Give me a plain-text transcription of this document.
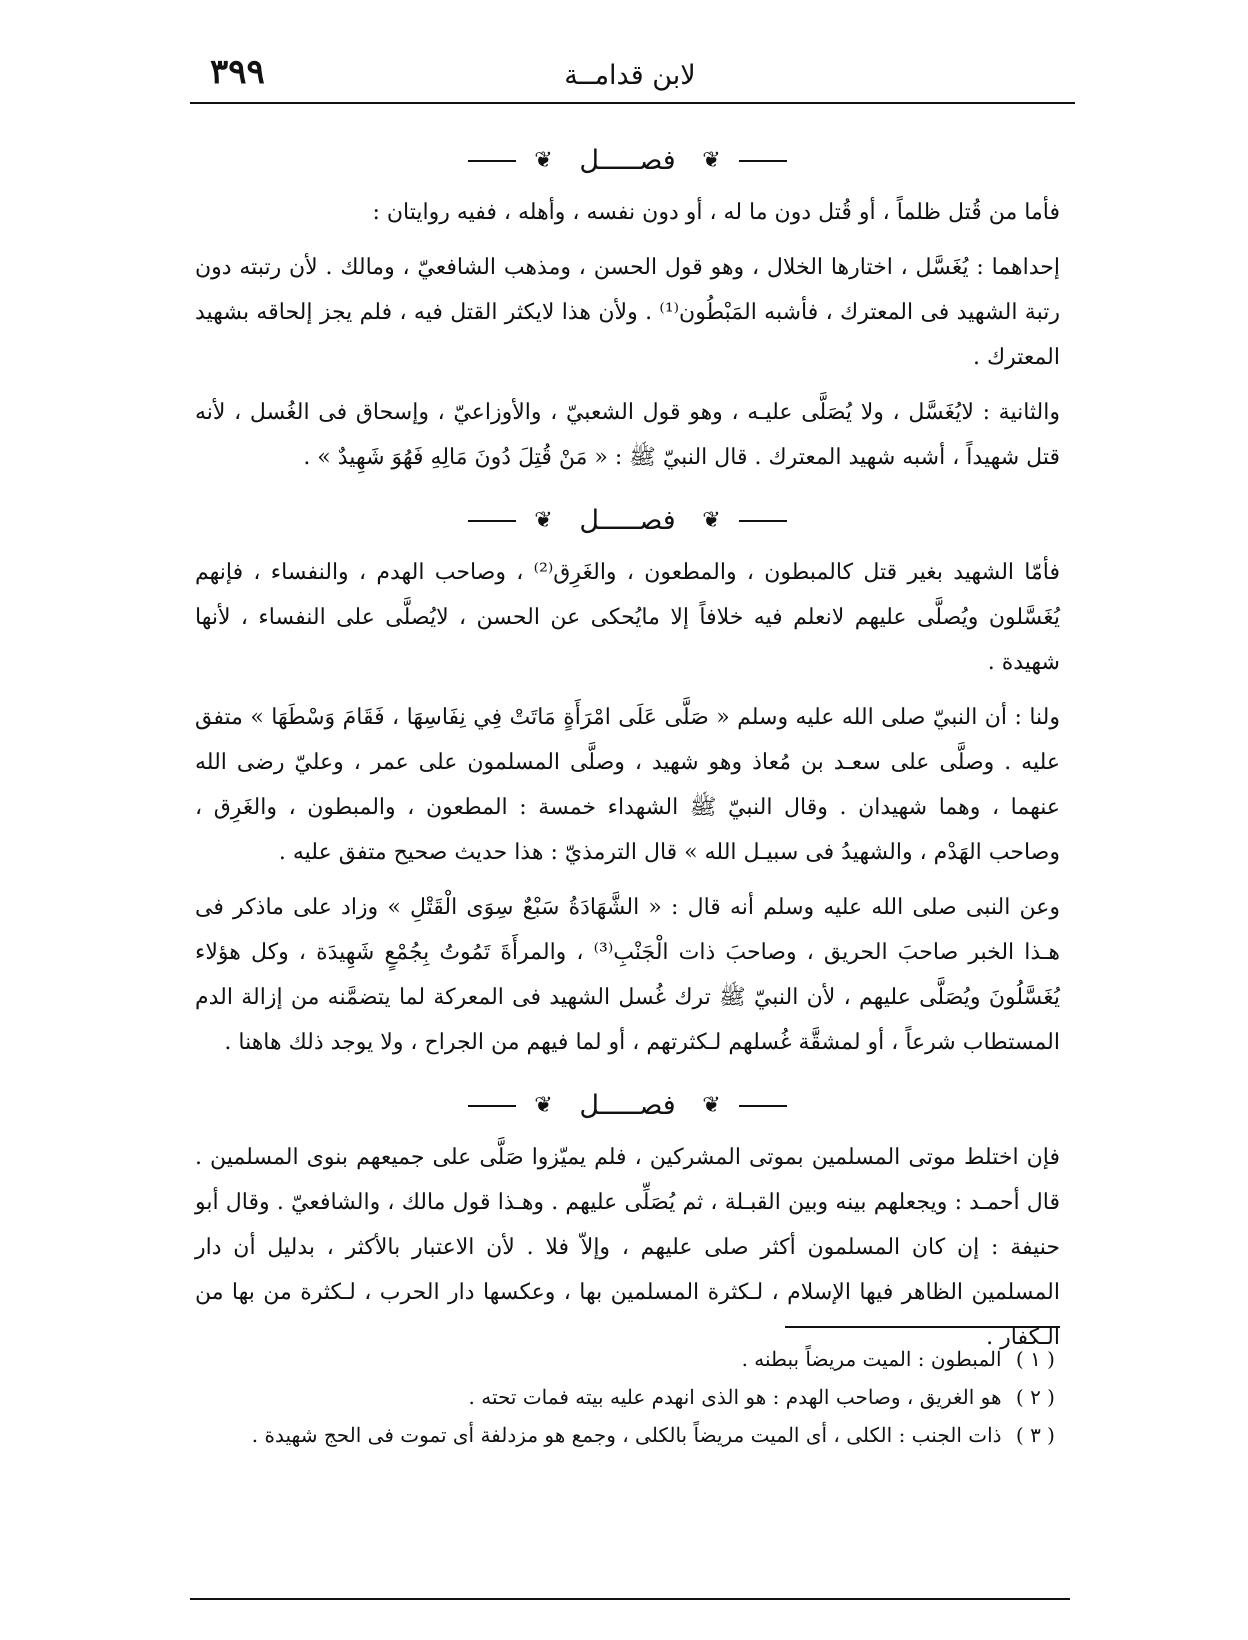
لابن قدامــة
٣٩٩
❦ فصـــــل ❦

فأما من قُتل ظلماً ، أو قُتل دون ما له ، أو دون نفسه ، وأهله ، ففيه روايتان :

إحداهما : يُغَسَّل ، اختارها الخلال ، وهو قول الحسن ، ومذهب الشافعيّ ، ومالك . لأن رتبته دون رتبة الشهيد فى المعترك ، فأشبه المَبْطُون⁽¹⁾ . ولأن هذا لايكثر القتل فيه ، فلم يجز إلحاقه بشهيد المعترك .

والثانية : لايُغَسَّل ، ولا يُصَلَّى عليـه ، وهو قول الشعبيّ ، والأوزاعيّ ، وإسحاق فى الغُسل ، لأنه قتل شهيداً ، أشبه شهيد المعترك . قال النبيّ ﷺ : « مَنْ قُتِلَ دُونَ مَالِهِ فَهُوَ شَهِيدٌ » .

❦ فصـــــل ❦

فأمّا الشهيد بغير قتل كالمبطون ، والمطعون ، والغَرِق⁽²⁾ ، وصاحب الهدم ، والنفساء ، فإنهم يُغَسَّلون ويُصلَّى عليهم لانعلم فيه خلافاً إلا مايُحكى عن الحسن ، لايُصلَّى على النفساء ، لأنها شهيدة .

ولنا : أن النبيّ صلى الله عليه وسلم « صَلَّى عَلَى امْرَأَةٍ مَاتَتْ فِي نِفَاسِهَا ، فَقَامَ وَسْطَهَا » متفق عليه . وصلَّى على سعـد بن مُعاذ وهو شهيد ، وصلَّى المسلمون على عمر ، وعليّ رضى الله عنهما ، وهما شهيدان . وقال النبيّ ﷺ الشهداء خمسة : المطعون ، والمبطون ، والغَرِق ، وصاحب الهَدْم ، والشهيدُ فى سبيـل الله » قال الترمذيّ : هذا حديث صحيح متفق عليه .

وعن النبى صلى الله عليه وسلم أنه قال : « الشَّهَادَةُ سَبْعٌ سِوَى الْقَتْلِ » وزاد على ماذكر فى هـذا الخبر صاحبَ الحريق ، وصاحبَ ذات الْجَنْبِ⁽³⁾ ، والمرأَةَ تَمُوتُ بِجُمْعٍ شَهِيدَة ، وكل هؤلاء يُغَسَّلُونَ ويُصَلَّى عليهم ، لأن النبيّ ﷺ ترك غُسل الشهيد فى المعركة لما يتضمَّنه من إزالة الدم المستطاب شرعاً ، أو لمشقَّة غُسلهم لـكثرتهم ، أو لما فيهم من الجراح ، ولا يوجد ذلك هاهنا .

❦ فصـــــل ❦

فإن اختلط موتى المسلمين بموتى المشركين ، فلم يميّزوا صَلَّى على جميعهم بنوى المسلمين . قال أحمـد : ويجعلهم بينه وبين القبـلة ، ثم يُصَلِّى عليهم . وهـذا قول مالك ، والشافعيّ . وقال أبو حنيفة : إن كان المسلمون أكثر صلى عليهم ، وإلاّ فلا . لأن الاعتبار بالأكثر ، بدليل أن دار المسلمين الظاهر فيها الإسلام ، لـكثرة المسلمين بها ، وعكسها دار الحرب ، لـكثرة من بها من الـكفار .

( ١ ) المبطون : الميت مريضاً ببطنه .

( ٢ ) هو الغريق ، وصاحب الهدم : هو الذى انهدم عليه بيته فمات تحته .

( ٣ ) ذات الجنب : الكلى ، أى الميت مريضاً بالكلى ، وجمع هو مزدلفة أى تموت فى الحج شهيدة .
